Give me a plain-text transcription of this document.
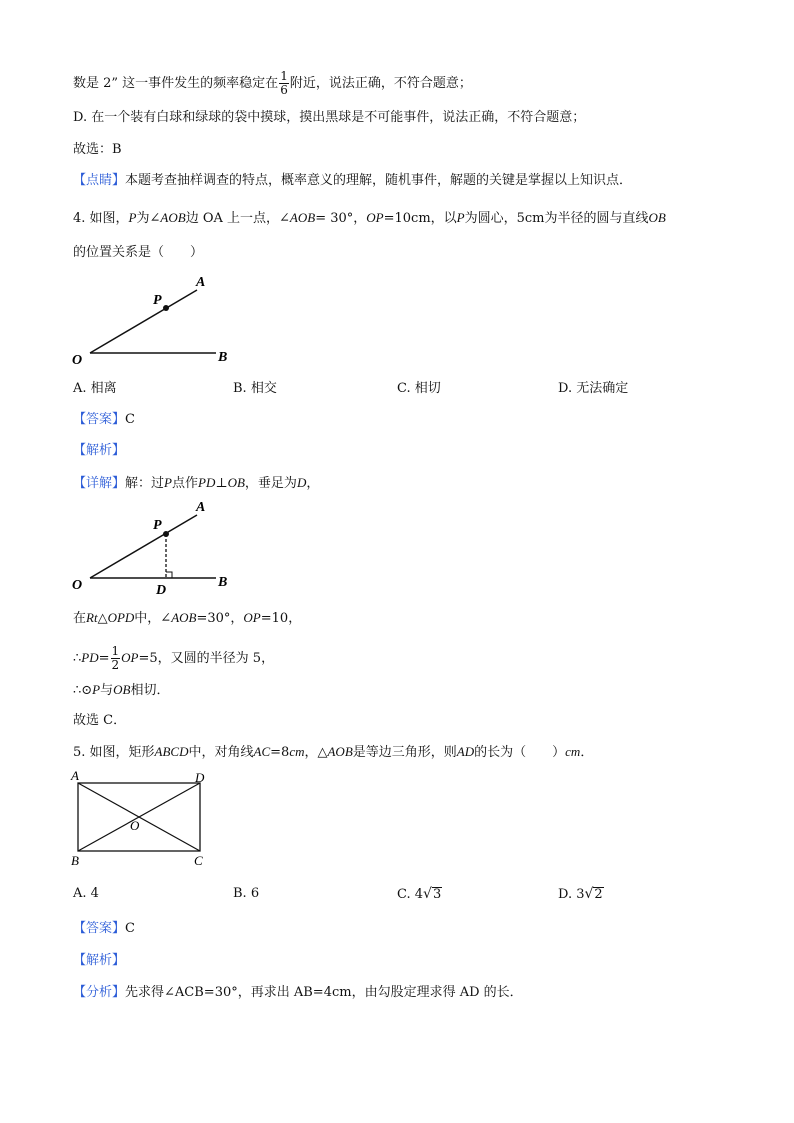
数是 2” 这一事件发生的频率稳定在 $\frac{1}{6}$ 附近，说法正确，不符合题意；
D. 在一个装有白球和绿球的袋中摸球，摸出黑球是不可能事件，说法正确，不符合题意；
故选：B
【点睛】本题考查抽样调查的特点，概率意义的理解，随机事件，解题的关键是掌握以上知识点．
4. 如图，P为∠AOB边 OA 上一点，∠AOB= 30°，OP=10cm，以P为圆心，5cm为半径的圆与直线OB
的位置关系是（　　）
A
P
O	B
A. 相离	B. 相交	C. 相切	D. 无法确定
【答案】C
【解析】
【详解】解：过P点作PD⊥OB，垂足为D，
A
P
O	D
B
在Rt△OPD中，∠AOB=30°，OP=10，
∴PD= $\frac{1}{2} OP=5$，又圆的半径为 5，
∴⊙P与OB相切．
故选 C．
5. 如图，矩形ABCD中，对角线AC=8cm，△AOB是等边三角形，则AD的长为（　　）cm．
A	D
O
B	C
A. 4	B. 6	C. 4√3	D. 3√2
【答案】C
【解析】
【分析】先求得∠ACB=30°，再求出 AB=4cm，由勾股定理求得 AD 的长．
